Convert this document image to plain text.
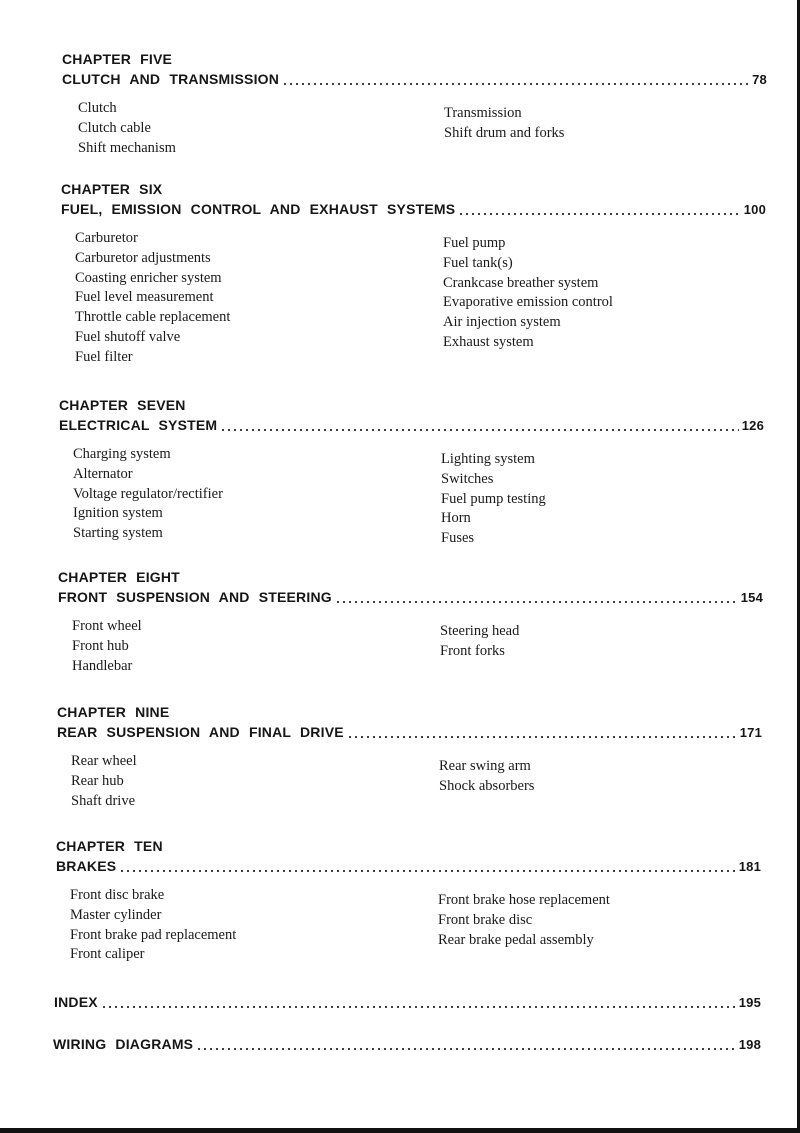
CHAPTER FIVE
CLUTCH AND TRANSMISSION	78
Clutch
Clutch cable
Shift mechanism
Transmission
Shift drum and forks
CHAPTER SIX
FUEL, EMISSION CONTROL AND EXHAUST SYSTEMS	100
Carburetor
Carburetor adjustments
Coasting enricher system
Fuel level measurement
Throttle cable replacement
Fuel shutoff valve
Fuel filter
Fuel pump
Fuel tank(s)
Crankcase breather system
Evaporative emission control
Air injection system
Exhaust system
CHAPTER SEVEN
ELECTRICAL SYSTEM	126
Charging system
Alternator
Voltage regulator/rectifier
Ignition system
Starting system
Lighting system
Switches
Fuel pump testing
Horn
Fuses
CHAPTER EIGHT
FRONT SUSPENSION AND STEERING	154
Front wheel
Front hub
Handlebar
Steering head
Front forks
CHAPTER NINE
REAR SUSPENSION AND FINAL DRIVE	171
Rear wheel
Rear hub
Shaft drive
Rear swing arm
Shock absorbers
CHAPTER TEN
BRAKES	181
Front disc brake
Master cylinder
Front brake pad replacement
Front caliper
Front brake hose replacement
Front brake disc
Rear brake pedal assembly
INDEX	195
WIRING DIAGRAMS	198
